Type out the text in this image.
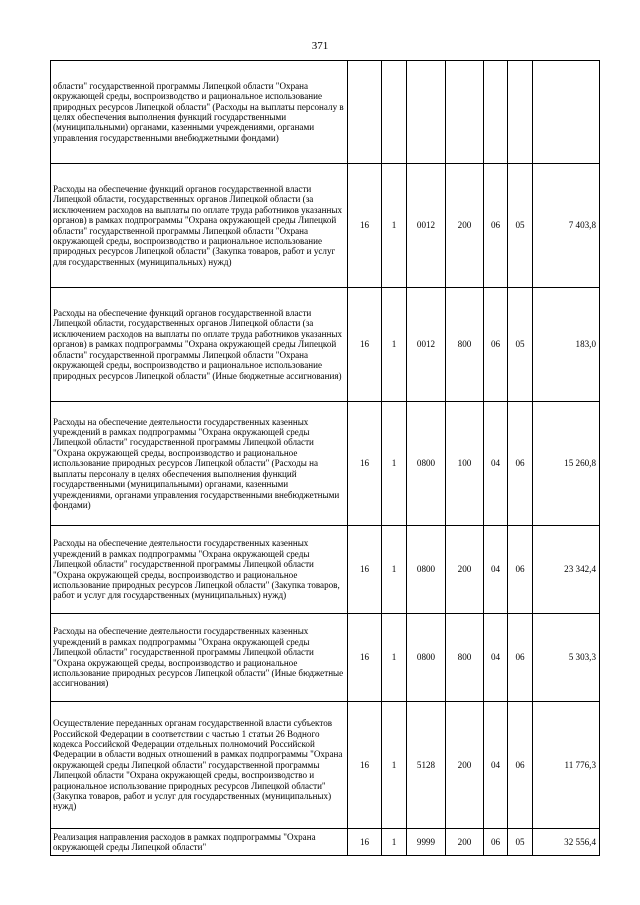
371
области" государственной программы Липецкой области "Охрана окружающей среды, воспроизводство и рациональное использование природных ресурсов Липецкой области" (Расходы на выплаты персоналу в целях обеспечения выполнения функций государственными (муниципальными) органами, казенными учреждениями, органами управления государственными внебюджетными фондами)							
Расходы на обеспечение функций органов государственной власти Липецкой области, государственных органов Липецкой области (за исключением расходов на выплаты по оплате труда работников указанных органов) в рамках подпрограммы "Охрана окружающей среды Липецкой области" государственной программы Липецкой области "Охрана окружающей среды, воспроизводство и рациональное использование природных ресурсов Липецкой области" (Закупка товаров, работ и услуг для государственных (муниципальных) нужд)	16	1	0012	200	06	05	7 403,8
Расходы на обеспечение функций органов государственной власти Липецкой области, государственных органов Липецкой области (за исключением расходов на выплаты по оплате труда работников указанных органов) в рамках подпрограммы "Охрана окружающей среды Липецкой области" государственной программы Липецкой области "Охрана окружающей среды, воспроизводство и рациональное использование природных ресурсов Липецкой области" (Иные бюджетные ассигнования)	16	1	0012	800	06	05	183,0
Расходы на обеспечение деятельности государственных казенных учреждений в рамках подпрограммы "Охрана окружающей среды Липецкой области" государственной программы Липецкой области "Охрана окружающей среды, воспроизводство и рациональное использование природных ресурсов Липецкой области" (Расходы на выплаты персоналу в целях обеспечения выполнения функций государственными (муниципальными) органами, казенными учреждениями, органами управления государственными внебюджетными фондами)	16	1	0800	100	04	06	15 260,8
Расходы на обеспечение деятельности государственных казенных учреждений в рамках подпрограммы "Охрана окружающей среды Липецкой области" государственной программы Липецкой области "Охрана окружающей среды, воспроизводство и рациональное использование природных ресурсов Липецкой области" (Закупка товаров, работ и услуг для государственных (муниципальных) нужд)	16	1	0800	200	04	06	23 342,4
Расходы на обеспечение деятельности государственных казенных учреждений в рамках подпрограммы "Охрана окружающей среды Липецкой области" государственной программы Липецкой области "Охрана окружающей среды, воспроизводство и рациональное использование природных ресурсов Липецкой области" (Иные бюджетные ассигнования)	16	1	0800	800	04	06	5 303,3
Осуществление переданных органам государственной власти субъектов Российской Федерации в соответствии с частью 1 статьи 26 Водного кодекса Российской Федерации отдельных полномочий Российской Федерации в области водных отношений в рамках подпрограммы "Охрана окружающей среды Липецкой области" государственной программы Липецкой области "Охрана окружающей среды, воспроизводство и рациональное использование природных ресурсов Липецкой области" (Закупка товаров, работ и услуг для государственных (муниципальных) нужд)	16	1	5128	200	04	06	11 776,3
Реализация направления расходов в рамках подпрограммы "Охрана окружающей среды Липецкой области"	16	1	9999	200	06	05	32 556,4
